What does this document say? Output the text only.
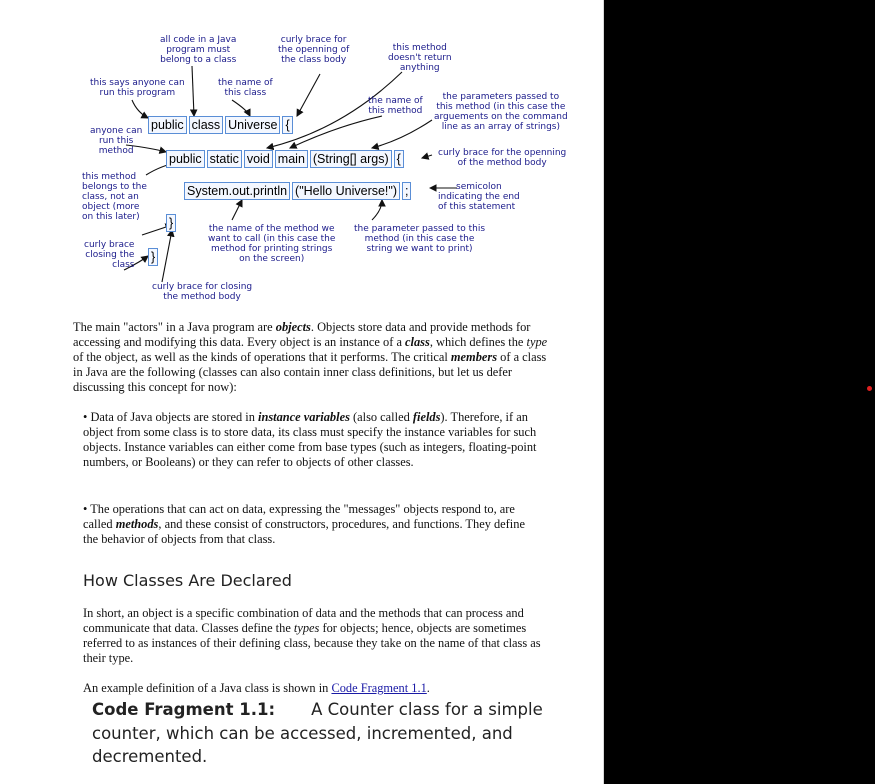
all code in a Java
program must
belong to a class
curly brace for
the openning of
the class body
this method
doesn't return
anything
this says anyone can
run this program
the name of
this class
the name of
this method
the parameters passed to
this method (in this case the
arguements on the command
line as an array of strings)
anyone can
run this
method	curly brace for the openning
of the method body
this method
belongs to the
class, not an
object (more
on this later)
semicolon
indicating the end
of this statement
the name of the method we
want to call (in this case the
method for printing strings
on the screen)
the parameter passed to this
method (in this case the
string we want to print)
curly brace
closing the
class
curly brace for closing
the method body
public class Universe {
public static void main (String[] args) {
System.out.println ("Hello Universe!") ;
}
}

The main "actors" in a Java program are objects. Objects store data and provide methods for accessing and modifying this data. Every object is an instance of a class, which defines the type of the object, as well as the kinds of operations that it performs. The critical members of a class in Java are the following (classes can also contain inner class definitions, but let us defer discussing this concept for now):

• Data of Java objects are stored in instance variables (also called fields). Therefore, if an object from some class is to store data, its class must specify the instance variables for such objects. Instance variables can either come from base types (such as integers, floating-point numbers, or Booleans) or they can refer to objects of other classes.

• The operations that can act on data, expressing the "messages" objects respond to, are called methods, and these consist of constructors, procedures, and functions. They define the behavior of objects from that class.

How Classes Are Declared

In short, an object is a specific combination of data and the methods that can process and communicate that data. Classes define the types for objects; hence, objects are sometimes referred to as instances of their defining class, because they take on the name of that class as their type.

An example definition of a Java class is shown in Code Fragment 1.1.

Code Fragment 1.1: A Counter class for a simple counter, which can be accessed, incremented, and decremented.
